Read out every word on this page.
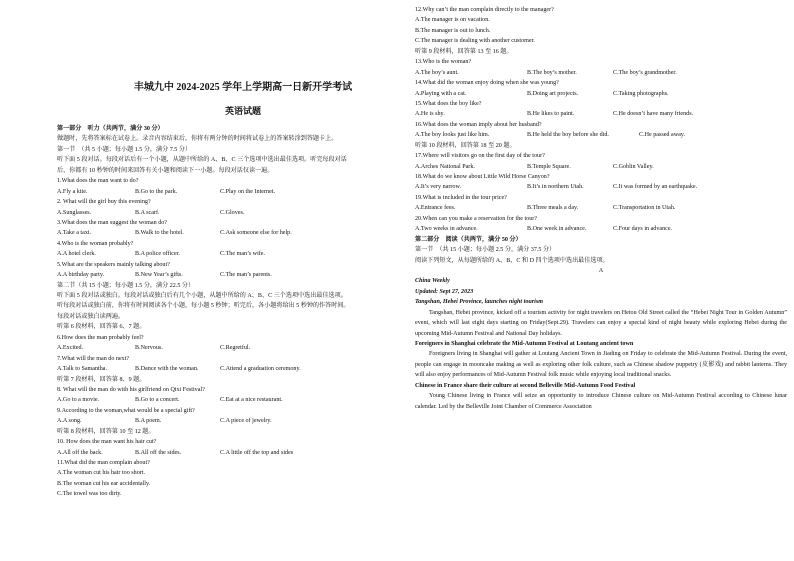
丰城九中 2024-2025 学年上学期高一日新开学考试
英语试题
第一部分　听力（共两节，满分 30 分）
做题时，先将答案标在试卷上。录音内容结束后，你将有两分钟的时间将试卷上的答案转涂到答题卡上。
第一节　（共 5 小题；每小题 1.5 分，满分 7.5 分）
听下面 5 段对话。每段对话后有一个小题，从题中所给的 A、B、C 三个选项中选出最佳选项。听完每段对话
后，你都有 10 秒钟的时间来回答有关小题和阅读下一小题。每段对话仅读一遍。
1.What does the man want to do?
A.Fly a kite.	B.Go to the park.	C.Play on the Internet.
2. What will the girl buy this evening?
A.Sunglasses.	B.A scarf.	C.Gloves.
3.What does the man suggest the woman do?
A.Take a taxi.	B.Walk to the hotel.	C.Ask someone else for help.
4.Who is the woman probably?
A.A hotel clerk.	B.A police officer.	C.The man’s wife.
5.What are the speakers mainly talking about?
A.A birthday party.	B.New Year’s gifts.	C.The man’s parents.
第二节（共 15 小题；每小题 1.5 分，满分 22.5 分）
听下面 5 段对话或独白。每段对话或独白后有几个小题，从题中所给的 A、B、C 三个选项中选出最佳选项。
听每段对话或独白前，你将有时间阅读各个小题，每小题 5 秒钟；听完后，各小题将给出 5 秒钟的作答时间。
每段对话或独白读两遍。
听第 6 段材料，回答第 6、7 题。
6.How does the man probably feel?
A.Excited.	B.Nervous.	C.Regretful.
7.What will the man do next?
A.Talk to Samantha.	B.Dance with the woman.	C.Attend a graduation ceremony.
听第 7 段材料，回答第 8、9 题。
8. What will the man do with his girlfriend on Qixi Festival?
A.Go to a movie.	B.Go to a concert.	C.Eat at a nice restaurant.
9.According to the woman,what would be a special gift?
A.A song.	B.A poem.	C.A piece of jewelry.
听第 8 段材料，回答第 10 至 12 题。
10. How does the man want his hair cut?
A.All off the back.	B.All off the sides.	C.A little off the top and sides
11.What did the man complain about?
A.The woman cut his hair too short.
B.The woman cut his ear accidentally.
C.The towel was too dirty.
12.Why can’t the man complain directly to the manager?
A.The manager is on vacation.
B.The manager is out to lunch.
C.The manager is dealing with another customer.
听第 9 段材料，回答第 13 至 16 题。
13.Who is the woman?
A.The boy’s aunt.	B.The boy’s mother.	C.The boy’s grandmother.
14.What did the woman enjoy doing when she was young?
A.Playing with a cat.	B.Doing art projects.	C.Taking photographs.
15.What does the boy like?
A.He is shy.	B.He likes to paint.	C.He doesn’t have many friends.
16.What does the woman imply about her husband?
A.The boy looks just like him.	B.He held the boy before she did.	C.He passed away.
听第 10 段材料，回答第 18 至 20 题。
17.Where will visitors go on the first day of the tour?
A.Arches National Park.	B.Temple Square.	C.Goblin Valley.
18.What do we know about Little Wild Horse Canyon?
A.It’s very narrow.	B.It’s in northern Utah.	C.It was formed by an earthquake.
19.What is included in the tour price?
A.Entrance fees.	B.Three meals a day.	C.Transportation in Utah.
20.When can you make a reservation for the tour?
A.Two weeks in advance.	B.One week in advance.	C.Four days in advance.
第二部分　阅读（共两节，满分 50 分）
第一节　（共 15 小题；每小题 2.5 分，满分 37.5 分）
阅读下列短文，从每题所给的 A、B、C 和 D 四个选项中选出最佳选项。
A
China Weekly
Updated: Sept 27, 2023
Tangshan, Hebei Province, launches night tourism
Tangshan, Hebei province, kicked off a tourism activity for night travelers on Hetou Old Street called the “Hebei Night Tour in Golden Autumn” event, which will last eight days starting on Friday(Sept.29). Travelers can enjoy a special kind of night beauty while exploring Hebei during the upcoming Mid-Autumn Festival and National Day holidays.
Foreigners in Shanghai celebrate the Mid-Autumn Festival at Loutang ancient town
Foreigners living in Shanghai will gather at Loutang Ancient Town in Jiading on Friday to celebrate the Mid-Autumn Festival. During the event, people can engage in mooncake making as well as exploring other folk culture, such as Chinese shadow puppetry (皮影戏) and rabbit lanterns. They will also enjoy performances of Mid-Autumn Festival folk music while enjoying local traditional snacks.
Chinese in France share their culture at second Belleville Mid-Autumn Food Festival
Young Chinese living in France will seize an opportunity to introduce Chinese culture on Mid-Autumn Festival according to Chinese lunar calendar. Led by the Belleville Joint Chamber of Commerce Association
